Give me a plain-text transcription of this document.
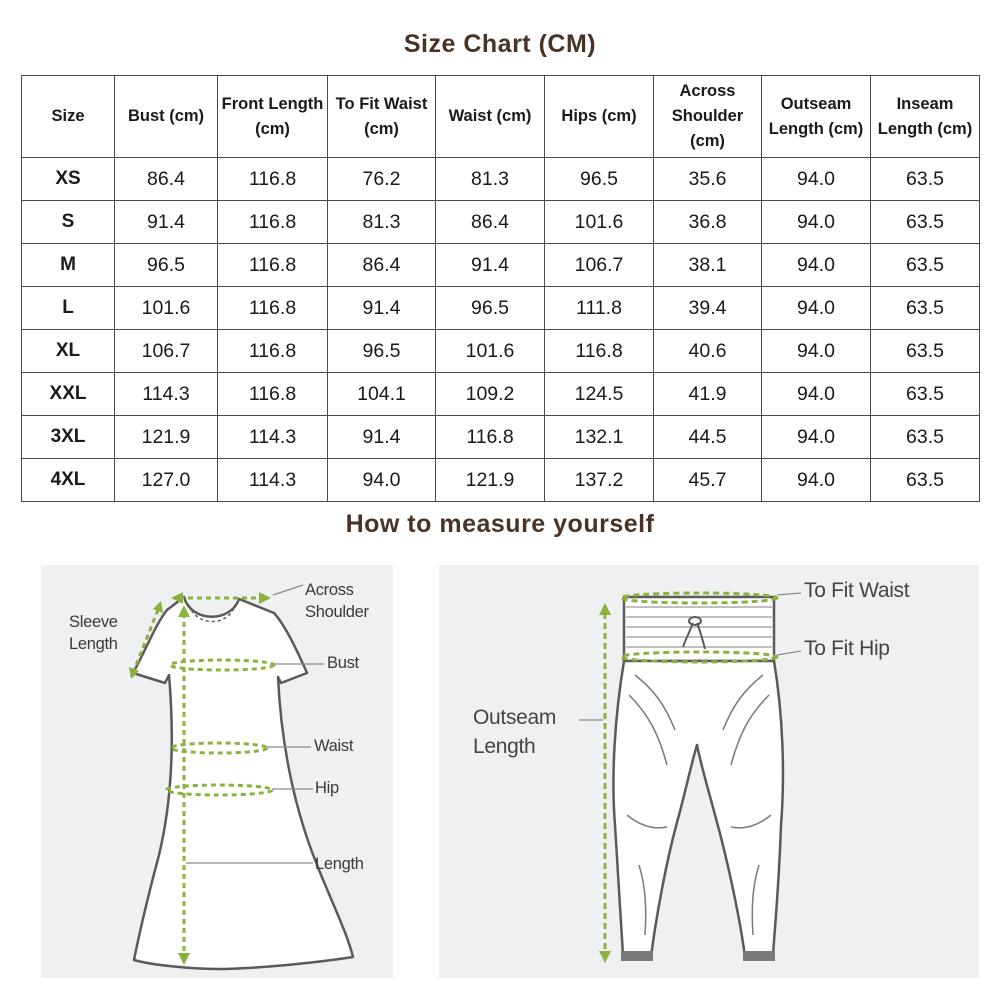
Size Chart (CM)
Size	Bust (cm)	Front Length (cm)	To Fit Waist (cm)	Waist (cm)	Hips (cm)	Across Shoulder (cm)	Outseam Length (cm)	Inseam Length (cm)
XS	86.4	116.8	76.2	81.3	96.5	35.6	94.0	63.5
S	91.4	116.8	81.3	86.4	101.6	36.8	94.0	63.5
M	96.5	116.8	86.4	91.4	106.7	38.1	94.0	63.5
L	101.6	116.8	91.4	96.5	111.8	39.4	94.0	63.5
XL	106.7	116.8	96.5	101.6	116.8	40.6	94.0	63.5
XXL	114.3	116.8	104.1	109.2	124.5	41.9	94.0	63.5
3XL	121.9	114.3	91.4	116.8	132.1	44.5	94.0	63.5
4XL	127.0	114.3	94.0	121.9	137.2	45.7	94.0	63.5
How to measure yourself
Across Shoulder
Sleeve Length
Bust
Waist
Hip
Length
To Fit Waist
To Fit Hip
Outseam Length
